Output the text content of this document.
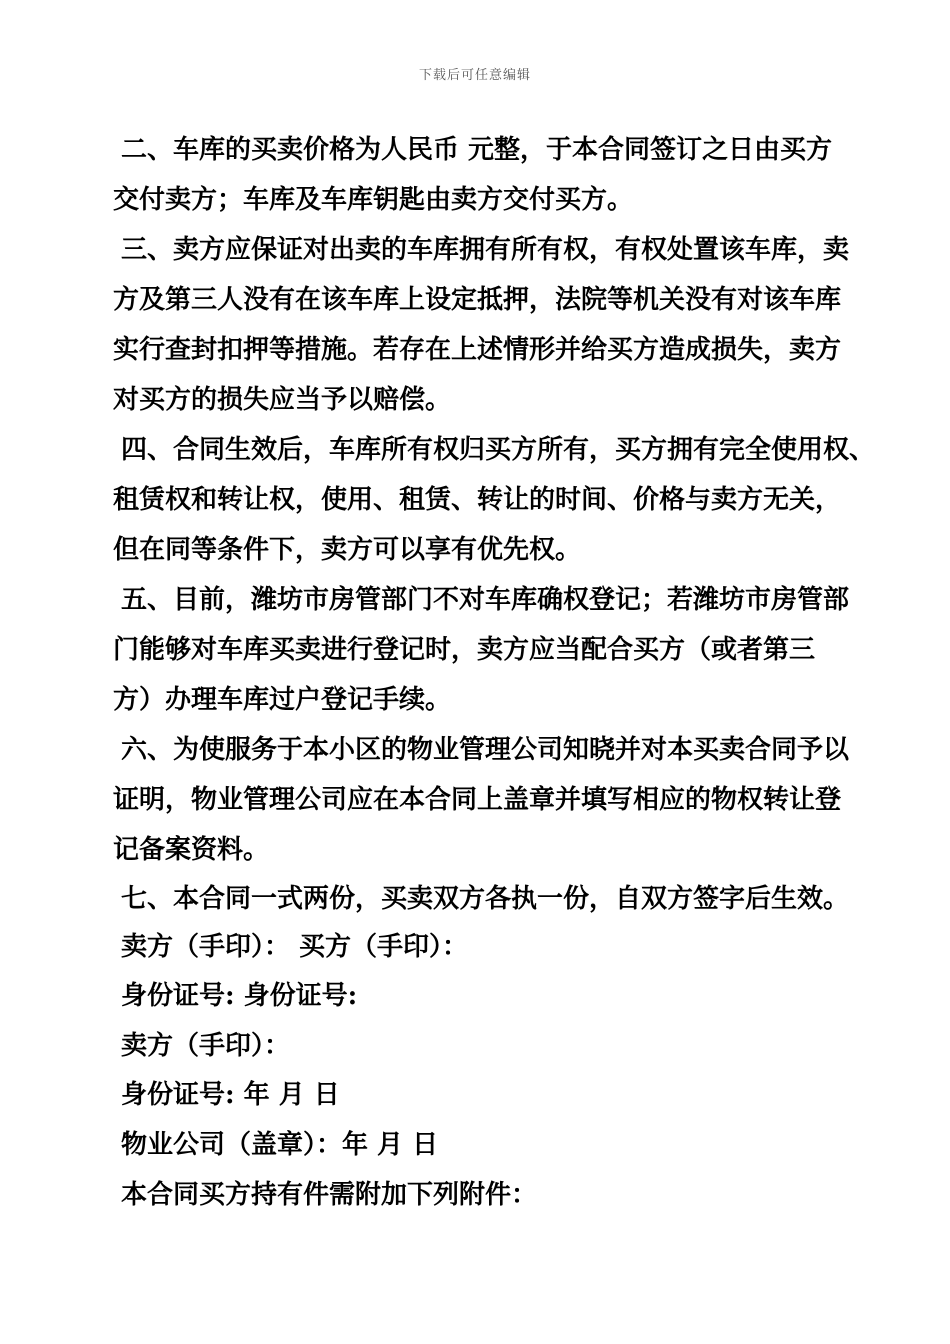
下载后可任意编辑
二、车库的买卖价格为人民币 元整，于本合同签订之日由买方
交付卖方；车库及车库钥匙由卖方交付买方。
三、卖方应保证对出卖的车库拥有所有权，有权处置该车库，卖
方及第三人没有在该车库上设定抵押，法院等机关没有对该车库
实行查封扣押等措施。若存在上述情形并给买方造成损失，卖方
对买方的损失应当予以赔偿。
四、合同生效后，车库所有权归买方所有，买方拥有完全使用权、
租赁权和转让权，使用、租赁、转让的时间、价格与卖方无关，
但在同等条件下，卖方可以享有优先权。
五、目前，潍坊市房管部门不对车库确权登记；若潍坊市房管部
门能够对车库买卖进行登记时，卖方应当配合买方（或者第三
方）办理车库过户登记手续。
六、为使服务于本小区的物业管理公司知晓并对本买卖合同予以
证明，物业管理公司应在本合同上盖章并填写相应的物权转让登
记备案资料。
七、本合同一式两份，买卖双方各执一份，自双方签字后生效。
卖方（手印）： 买方（手印）：
身份证号: 身份证号:
卖方（手印）：
身份证号: 年 月 日
物业公司（盖章）：年 月 日
本合同买方持有件需附加下列附件：
